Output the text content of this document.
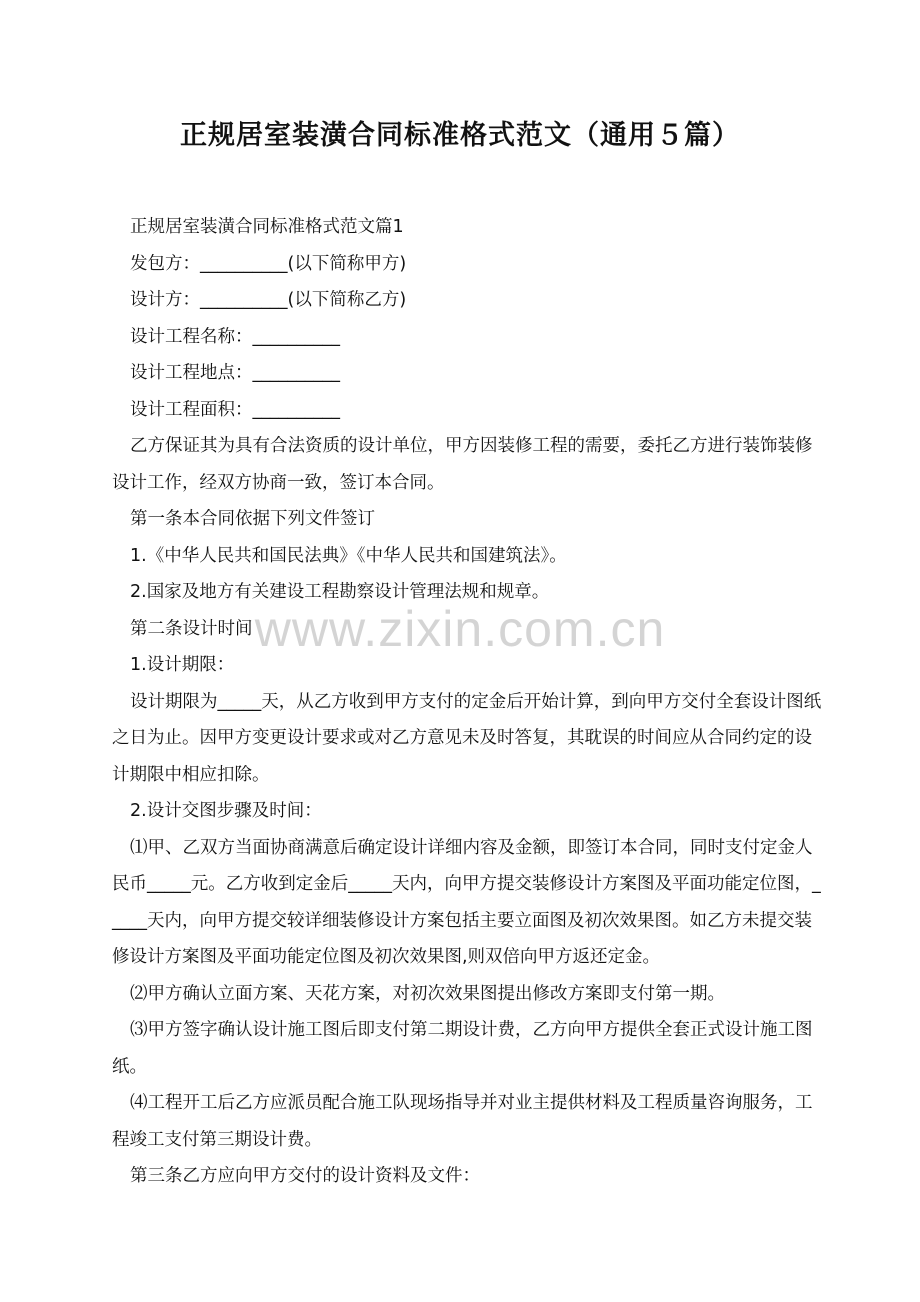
www.zixin.com.cn
正规居室装潢合同标准格式范文（通用５篇）

正规居室装潢合同标准格式范文篇1

发包方：__________(以下简称甲方)

设计方：__________(以下简称乙方)

设计工程名称：__________

设计工程地点：__________

设计工程面积：__________

乙方保证其为具有合法资质的设计单位，甲方因装修工程的需要，委托乙方进行装饰装修设计工作，经双方协商一致，签订本合同。

第一条本合同依据下列文件签订

1.《中华人民共和国民法典》《中华人民共和国建筑法》。

2.国家及地方有关建设工程勘察设计管理法规和规章。

第二条设计时间

1.设计期限：

设计期限为_____天，从乙方收到甲方支付的定金后开始计算，到向甲方交付全套设计图纸之日为止。因甲方变更设计要求或对乙方意见未及时答复，其耽误的时间应从合同约定的设计期限中相应扣除。

2.设计交图步骤及时间：

⑴甲、乙双方当面协商满意后确定设计详细内容及金额，即签订本合同，同时支付定金人民币_____元。乙方收到定金后_____天内，向甲方提交装修设计方案图及平面功能定位图，_____天内，向甲方提交较详细装修设计方案包括主要立面图及初次效果图。如乙方未提交装修设计方案图及平面功能定位图及初次效果图,则双倍向甲方返还定金。

⑵甲方确认立面方案、天花方案，对初次效果图提出修改方案即支付第一期。

⑶甲方签字确认设计施工图后即支付第二期设计费，乙方向甲方提供全套正式设计施工图纸。

⑷工程开工后乙方应派员配合施工队现场指导并对业主提供材料及工程质量咨询服务，工程竣工支付第三期设计费。

第三条乙方应向甲方交付的设计资料及文件：
